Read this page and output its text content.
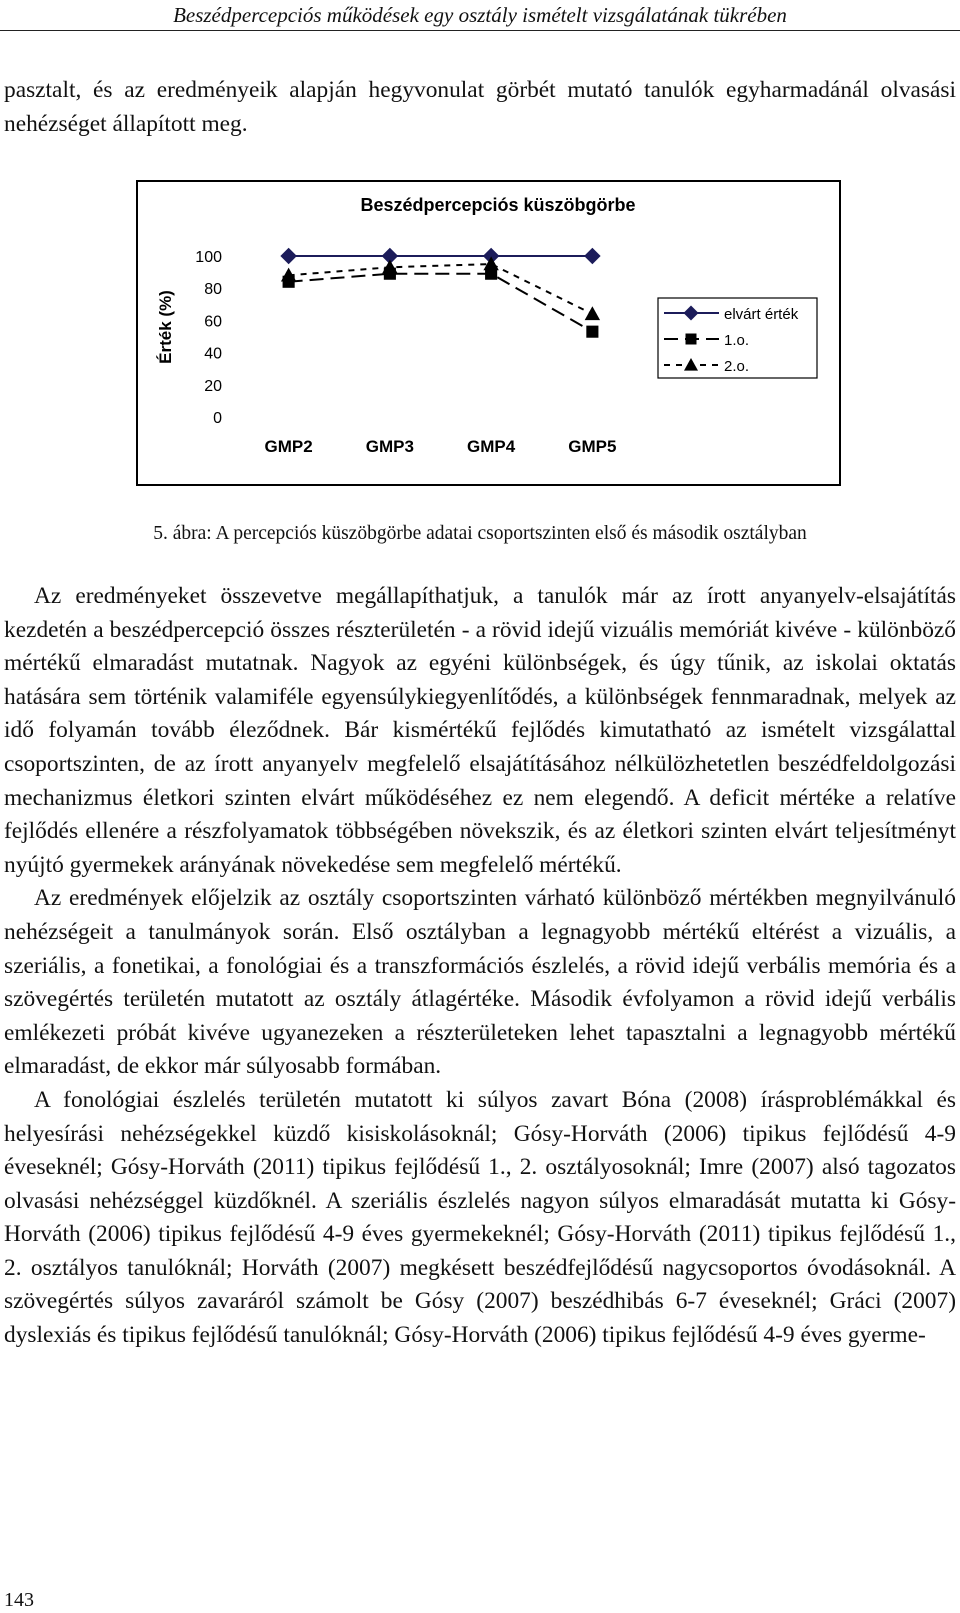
Beszédpercepciós működések egy osztály ismételt vizsgálatának tükrében

pasztalt, és az eredményeik alapján hegyvonulat görbét mutató tanulók egyharmadánál olvasási nehézséget állapított meg.

Beszédpercepciós küszöbgörbe
Érték (%)
0
20
40
60
80
100
GMP2	GMP3	GMP4	GMP5
elvárt érték
1.o.
2.o.
5. ábra: A percepciós küszöbgörbe adatai csoportszinten első és második osztályban

Az eredményeket összevetve megállapíthatjuk, a tanulók már az írott anyanyelv-elsajátítás kezdetén a beszédpercepció összes részterületén - a rövid idejű vizuális memóriát kivéve - különböző mértékű elmaradást mutatnak. Nagyok az egyéni különbségek, és úgy tűnik, az iskolai oktatás hatására sem történik valamiféle egyensúlykiegyenlítődés, a különbségek fennmaradnak, melyek az idő folyamán tovább éleződnek. Bár kismértékű fejlődés kimutatható az ismételt vizsgálattal csoportszinten, de az írott anyanyelv megfelelő elsajátításához nélkülözhetetlen beszédfeldolgozási mechanizmus életkori szinten elvárt működéséhez ez nem elegendő. A deficit mértéke a relatíve fejlődés ellenére a részfolyamatok többségében növekszik, és az életkori szinten elvárt teljesítményt nyújtó gyermekek arányának növekedése sem megfelelő mértékű.

Az eredmények előjelzik az osztály csoportszinten várható különböző mértékben megnyilvánuló nehézségeit a tanulmányok során. Első osztályban a legnagyobb mértékű eltérést a vizuális, a szeriális, a fonetikai, a fonológiai és a transzformációs észlelés, a rövid idejű verbális memória és a szövegértés területén mutatott az osztály átlagértéke. Második évfolyamon a rövid idejű verbális emlékezeti próbát kivéve ugyanezeken a részterületeken lehet tapasztalni a legnagyobb mértékű elmaradást, de ekkor már súlyosabb formában.

A fonológiai észlelés területén mutatott ki súlyos zavart Bóna (2008) írásproblémákkal és helyesírási nehézségekkel küzdő kisiskolásoknál; Gósy-Horváth (2006) tipikus fejlődésű 4-9 éveseknél; Gósy-Horváth (2011) tipikus fejlődésű 1., 2. osztályosoknál; Imre (2007) alsó tagozatos olvasási nehézséggel küzdőknél. A szeriális észlelés nagyon súlyos elmaradását mutatta ki Gósy-Horváth (2006) tipikus fejlődésű 4-9 éves gyermekeknél; Gósy-Horváth (2011) tipikus fejlődésű 1., 2. osztályos tanulóknál; Horváth (2007) megkésett beszédfejlődésű nagycsoportos óvodásoknál. A szövegértés súlyos zavaráról számolt be Gósy (2007) beszédhibás 6-7 éveseknél; Gráci (2007) dyslexiás és tipikus fejlődésű tanulóknál; Gósy-Horváth (2006) tipikus fejlődésű 4-9 éves gyerme-

143
